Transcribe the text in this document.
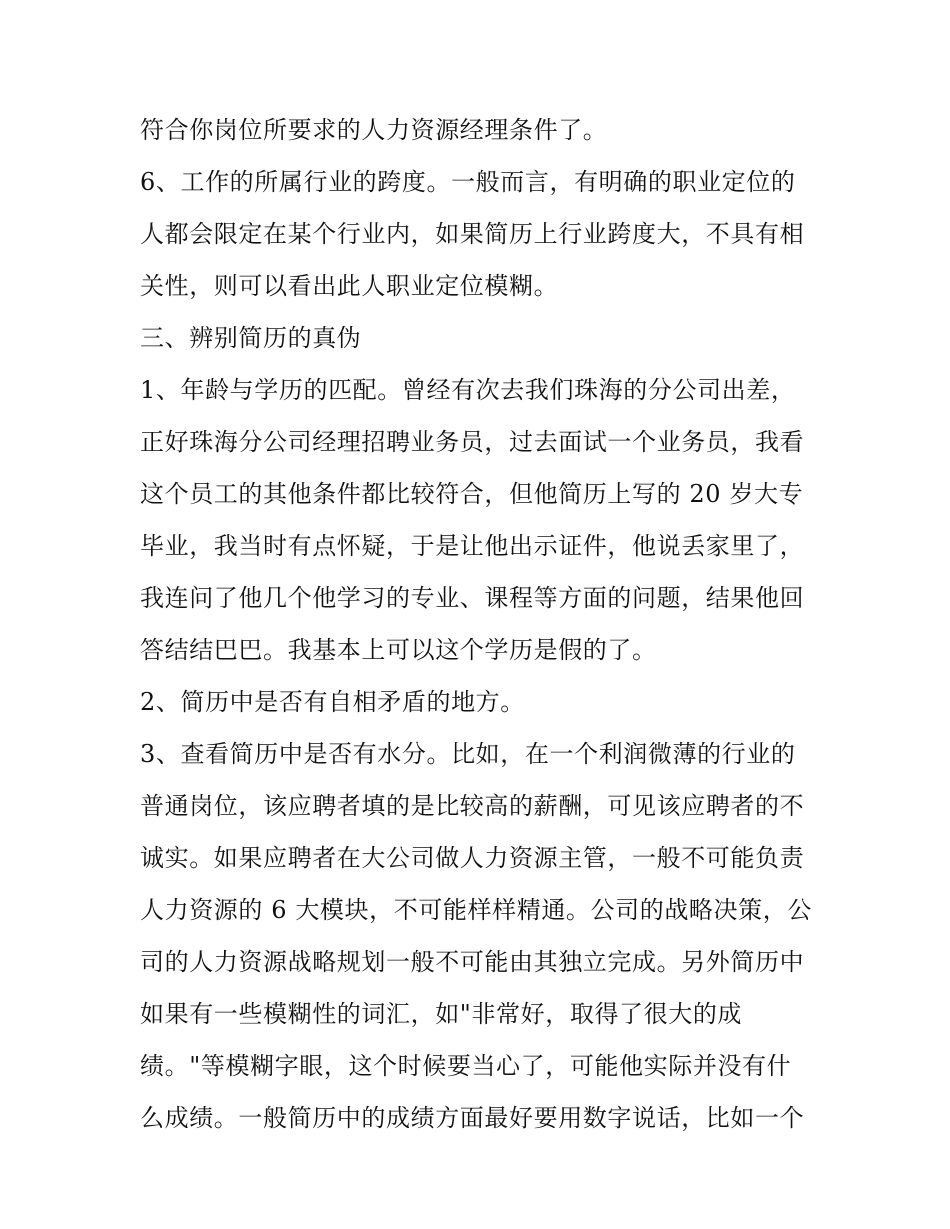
符合你岗位所要求的人力资源经理条件了。
6、工作的所属行业的跨度。一般而言，有明确的职业定位的
人都会限定在某个行业内，如果简历上行业跨度大，不具有相
关性，则可以看出此人职业定位模糊。
三、辨别简历的真伪
1、年龄与学历的匹配。曾经有次去我们珠海的分公司出差，
正好珠海分公司经理招聘业务员，过去面试一个业务员，我看
这个员工的其他条件都比较符合，但他简历上写的 20 岁大专
毕业，我当时有点怀疑，于是让他出示证件，他说丢家里了，
我连问了他几个他学习的专业、课程等方面的问题，结果他回
答结结巴巴。我基本上可以这个学历是假的了。
2、简历中是否有自相矛盾的地方。
3、查看简历中是否有水分。比如，在一个利润微薄的行业的
普通岗位，该应聘者填的是比较高的薪酬，可见该应聘者的不
诚实。如果应聘者在大公司做人力资源主管，一般不可能负责
人力资源的 6 大模块，不可能样样精通。公司的战略决策，公
司的人力资源战略规划一般不可能由其独立完成。另外简历中
如果有一些模糊性的词汇，如"非常好，取得了很大的成
绩。"等模糊字眼，这个时候要当心了，可能他实际并没有什
么成绩。一般简历中的成绩方面最好要用数字说话，比如一个
